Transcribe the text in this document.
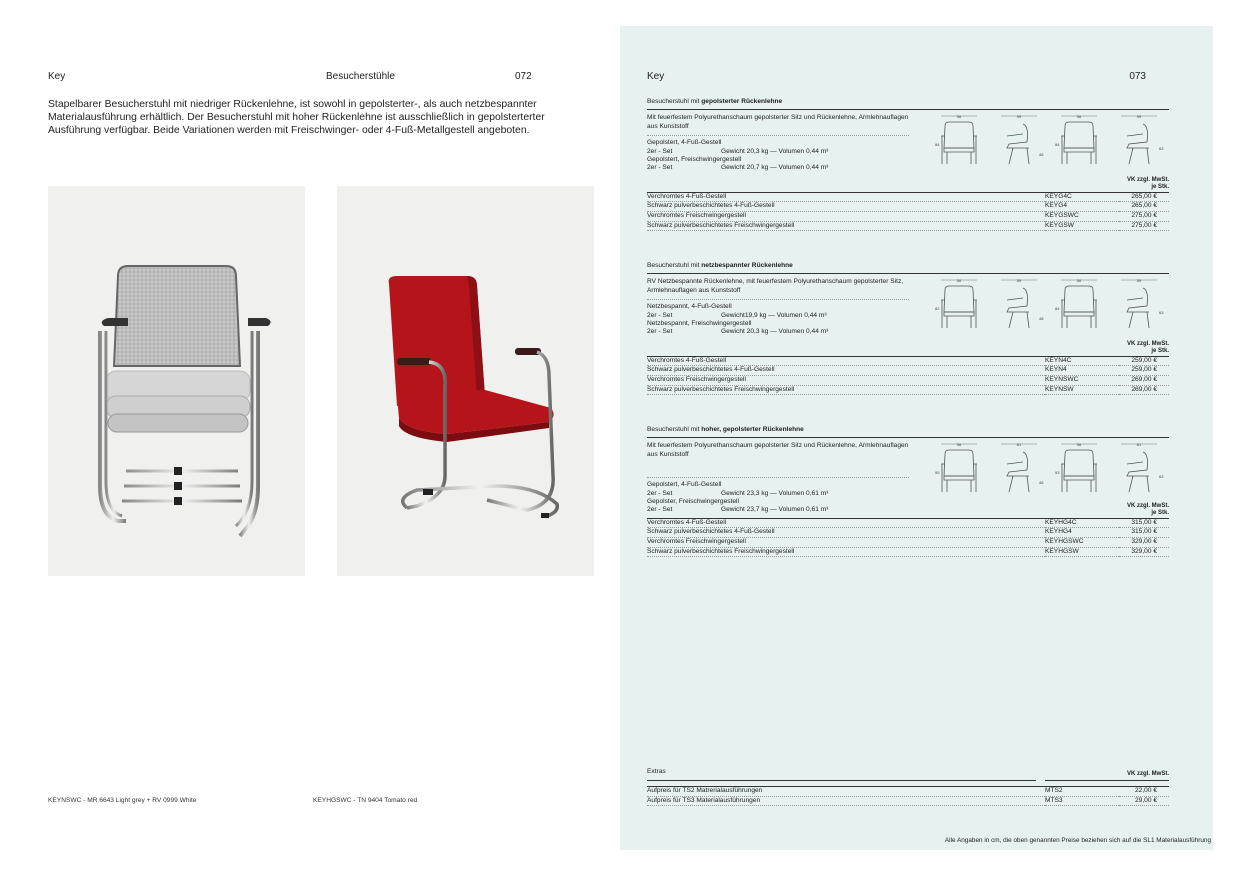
Key	Besucherstühle	072

Stapelbarer Besucherstuhl mit niedriger Rückenlehne, ist sowohl in gepolsterter-, als auch netzbespannter Materialausführung erhältlich. Der Besucherstuhl mit hoher Rückenlehne ist ausschließlich in gepolsterterter Ausführung verfügbar. Beide Variationen werden mit Freischwinger- oder 4-Fuß-Metallgestell angeboten.

KEYNSWC - MR 6643 Light grey + RV 0999 White	KEYHGSWC - TN 9404 Tomato red
Key	073
Besucherstuhl mit gepolsterter Rückenlehne
Mit feuerfestem Polyurethanschaum gepolsterter Sitz und Rückenlehne, Armlehnauflagen aus Kunststoff
Gepolstert, 4-Fuß-Gestell
2er - Set	Gewicht 20,3 kg — Volumen 0,44 m³
Gepolstert, Freischwingergestell
2er - Set	Gewicht 20,7 kg — Volumen 0,44 m³
56
84
59
48
56
84
59
63
VK zzgl. MwSt.
je Stk.
Verchromtes 4-Fuß-Gestell	KEYG4C	265,00 €
Schwarz pulverbeschichtetes 4-Fuß-Gestell	KEYG4	265,00 €
Verchromtes Freischwingergestell	KEYGSWC	275,00 €
Schwarz pulverbeschichtetes Freischwingergestell	KEYGSW	275,00 €
Besucherstuhl mit netzbespannter Rückenlehne
RV Netzbespannte Rückenlehne, mit feuerfestem Polyurethanschaum gepolsterter Sitz, Armlehnauflagen aus Kunststoff
Netzbespannt, 4-Fuß-Gestell
2er - Set	Gewicht19,9 kg — Volumen 0,44 m³
Netzbespannt, Freischwingergestell
2er - Set	Gewicht 20,3 kg — Volumen 0,44 m³
56
82
59
48
56
84
59
63
VK zzgl. MwSt.
je Stk.
Verchromtes 4-Fuß-Gestell	KEYN4C	259,00 €
Schwarz pulverbeschichtetes 4-Fuß-Gestell	KEYN4	259,00 €
Verchromtes Freischwingergestell	KEYNSWC	269,00 €
Schwarz pulverbeschichtetes Freischwingergestell	KEYNSW	269,00 €
Besucherstuhl mit hoher, gepolsterter Rückenlehne
Mit feuerfestem Polyurethanschaum gepolsterter Sitz und Rückenlehne, Armlehnauflagen aus Kunststoff
Gepolstert, 4-Fuß-Gestell
2er - Set	Gewicht 23,3 kg — Volumen 0,61 m³
Gepolster, Freischwingergestell
2er - Set	Gewicht 23,7 kg — Volumen 0,61 m³
56
95
61
48
56
93
61
63
VK zzgl. MwSt.
je Stk.
Verchromtes 4-Fuß-Gestell	KEYHG4C	315,00 €
Schwarz pulverbeschichtetes 4-Fuß-Gestell	KEYHG4	315,00 €
Verchromtes Freischwingergestell	KEYHGSWC	329,00 €
Schwarz pulverbeschichtetes Freischwingergestell	KEYHGSW	329,00 €
Extras	VK zzgl. MwSt.
Aufpreis für TS2 Matrerialausführungen	MTS2	22,00 €
Aufpreis für TS3 Materialausführungen	MTS3	29,00 €
Alle Angaben in cm, die oben genannten Preise beziehen sich auf die SL1 Materialausführung
